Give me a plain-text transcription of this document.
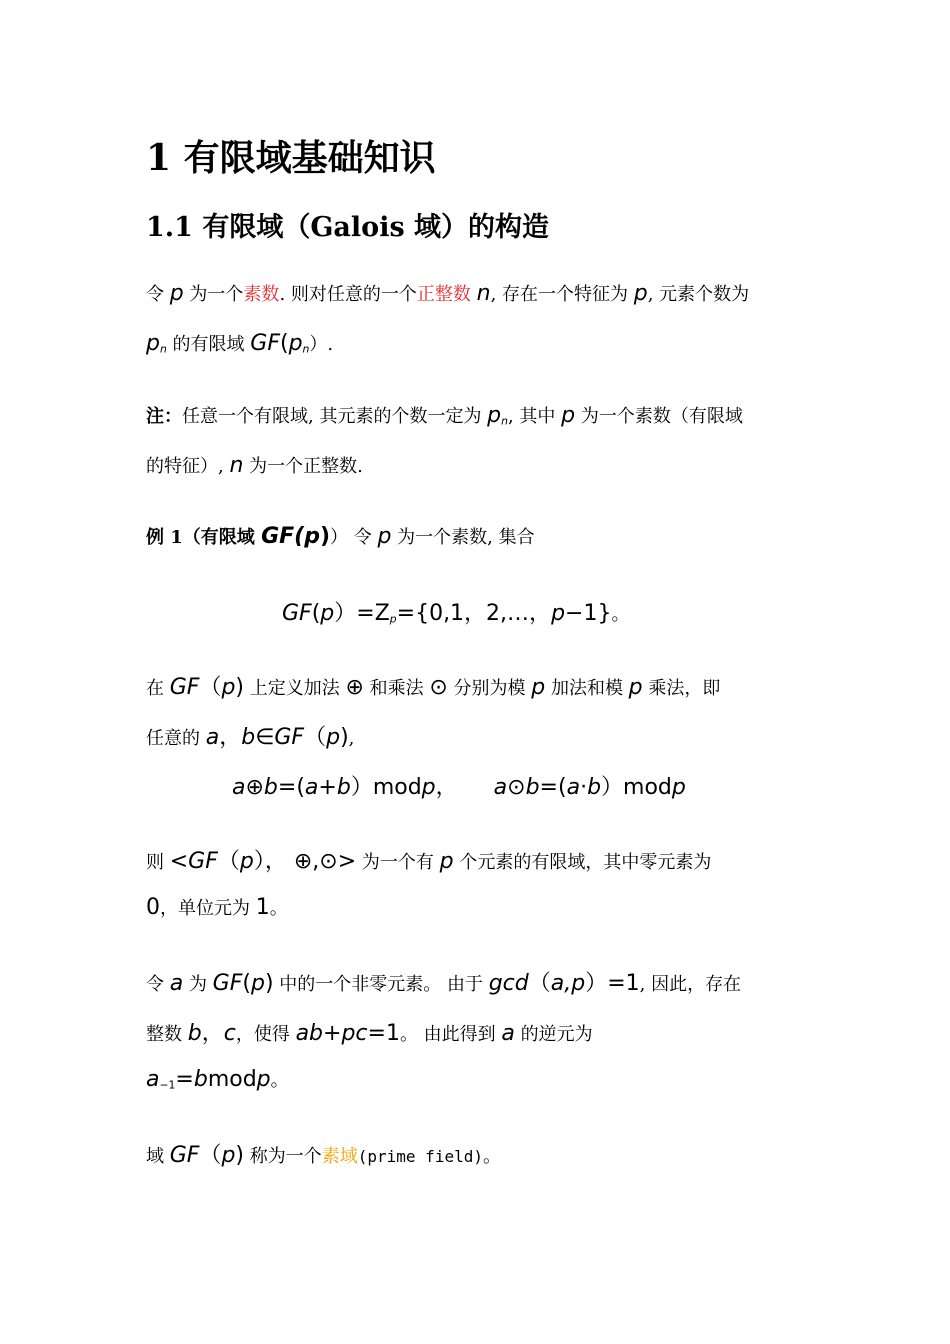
1 有限域基础知识
1.1 有限域（Galois 域）的构造
令 p 为一个素数. 则对任意的一个正整数 n, 存在一个特征为 p, 元素个数为
$p_n$ 的有限域 $GF(p_n)$.
注：任意一个有限域, 其元素的个数一定为 $p_n$, 其中 p 为一个素数（有限域
的特征）, n 为一个正整数.
例 1（有限域 GF(p)） 令 p 为一个素数, 集合
$GF(p)=Z_p=\{0,1$，2,…，p−1}。
在 GF（p) 上定义加法 ⊕ 和乘法 ⊙ 分别为模 p 加法和模 p 乘法，即
任意的 a，b∈GF（p),
a⊕b=(a+b）modp， a⊙b=(a·b）modp
则 <GF（p）， ⊕,⊙> 为一个有 p 个元素的有限域，其中零元素为
0，单位元为 1。
令 a 为 GF(p) 中的一个非零元素。 由于 gcd（a,p）=1, 因此，存在
整数 b，c，使得 ab+pc=1。 由此得到 a 的逆元为
$a_{-1}=bmodp$。
域 GF（p) 称为一个素域(prime field)。
